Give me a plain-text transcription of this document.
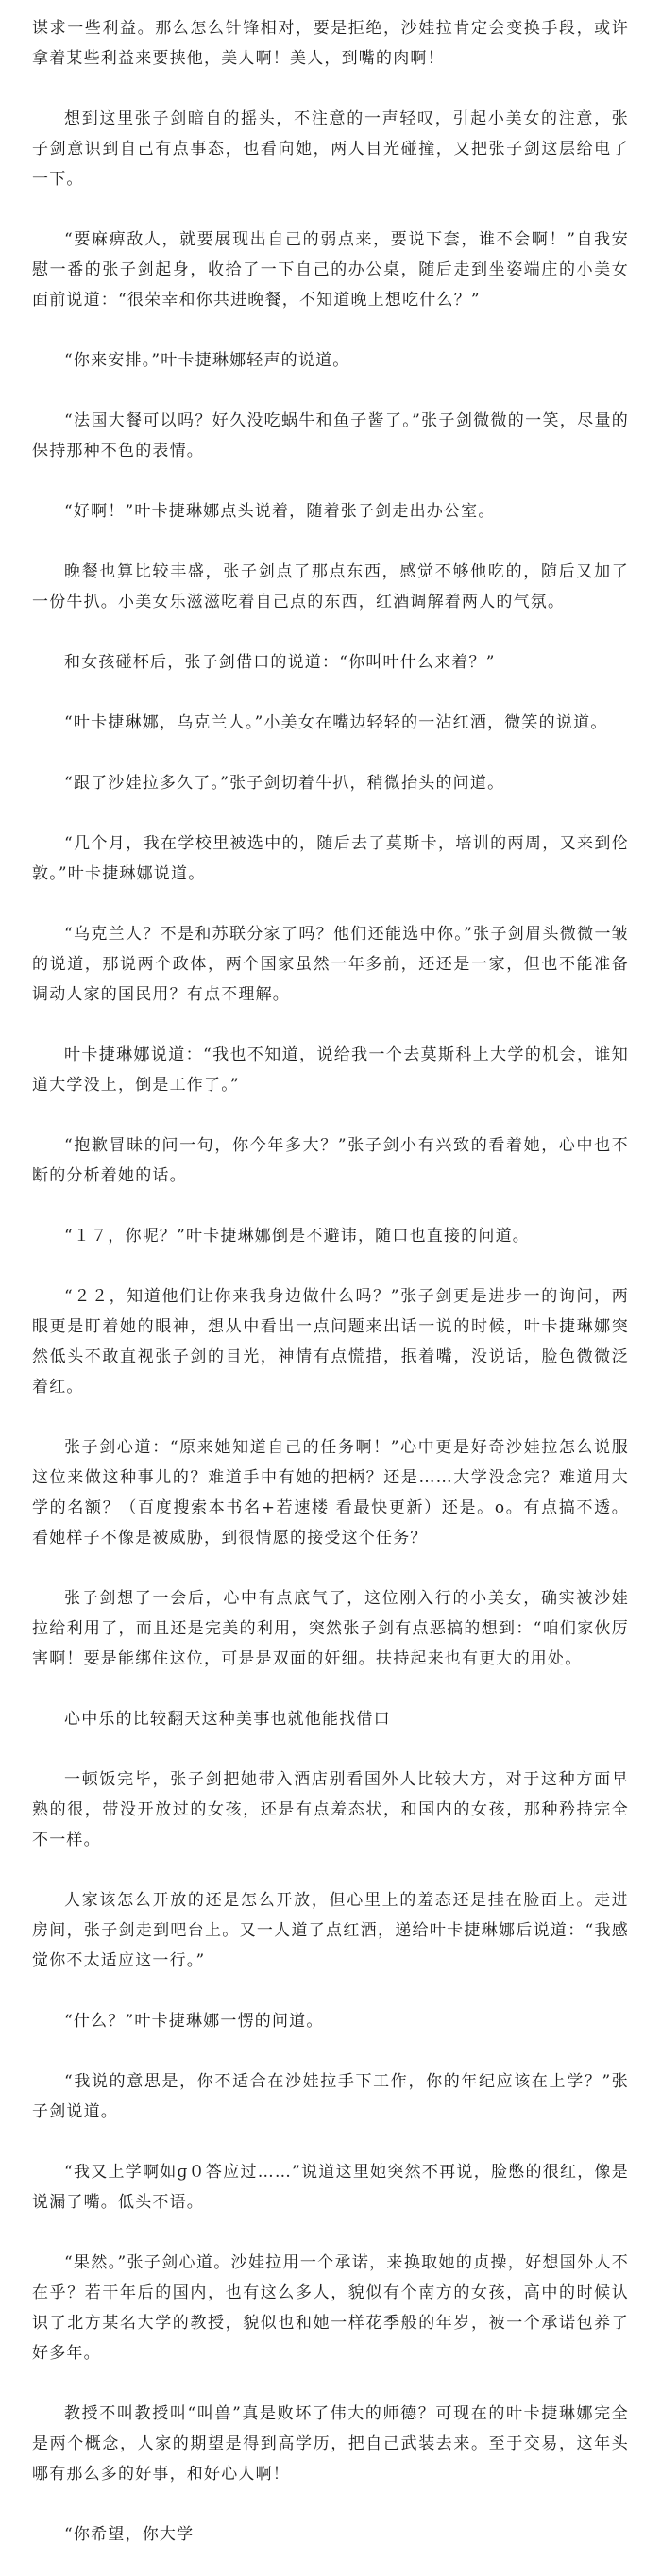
谋求一些利益。那么怎么针锋相对，要是拒绝，沙娃拉肯定会变换手段，或许拿着某些利益来要挟他，美人啊！美人，到嘴的肉啊！

想到这里张子剑暗自的摇头，不注意的一声轻叹，引起小美女的注意，张子剑意识到自己有点事态，也看向她，两人目光碰撞，又把张子剑这层给电了一下。

“要麻痹敌人，就要展现出自己的弱点来，要说下套，谁不会啊！”自我安慰一番的张子剑起身，收拾了一下自己的办公桌，随后走到坐姿端庄的小美女面前说道：“很荣幸和你共进晚餐，不知道晚上想吃什么？”

“你来安排。”叶卡捷琳娜轻声的说道。

“法国大餐可以吗？好久没吃蜗牛和鱼子酱了。”张子剑微微的一笑，尽量的保持那种不色的表情。

“好啊！”叶卡捷琳娜点头说着，随着张子剑走出办公室。

晚餐也算比较丰盛，张子剑点了那点东西，感觉不够他吃的，随后又加了一份牛扒。小美女乐滋滋吃着自己点的东西，红酒调解着两人的气氛。

和女孩碰杯后，张子剑借口的说道：“你叫叶什么来着？”

“叶卡捷琳娜，乌克兰人。”小美女在嘴边轻轻的一沾红酒，微笑的说道。

“跟了沙娃拉多久了。”张子剑切着牛扒，稍微抬头的问道。

“几个月，我在学校里被选中的，随后去了莫斯卡，培训的两周，又来到伦敦。”叶卡捷琳娜说道。

“乌克兰人？不是和苏联分家了吗？他们还能选中你。”张子剑眉头微微一皱的说道，那说两个政体，两个国家虽然一年多前，还还是一家，但也不能准备调动人家的国民用？有点不理解。

叶卡捷琳娜说道：“我也不知道，说给我一个去莫斯科上大学的机会，谁知道大学没上，倒是工作了。”

“抱歉冒昧的问一句，你今年多大？”张子剑小有兴致的看着她，心中也不断的分析着她的话。

“１７，你呢？”叶卡捷琳娜倒是不避讳，随口也直接的问道。

“２２，知道他们让你来我身边做什么吗？”张子剑更是进步一的询问，两眼更是盯着她的眼神，想从中看出一点问题来出话一说的时候，叶卡捷琳娜突然低头不敢直视张子剑的目光，神情有点慌措，抿着嘴，没说话，脸色微微泛着红。

张子剑心道：“原来她知道自己的任务啊！”心中更是好奇沙娃拉怎么说服这位来做这种事儿的？难道手中有她的把柄？还是……大学没念完？难道用大学的名额？（百度搜索本书名+若速楼 看最快更新）还是。o。有点搞不透。看她样子不像是被威胁，到很情愿的接受这个任务？

张子剑想了一会后，心中有点底气了，这位刚入行的小美女，确实被沙娃拉给利用了，而且还是完美的利用，突然张子剑有点恶搞的想到：“咱们家伙厉害啊！要是能绑住这位，可是是双面的奸细。扶持起来也有更大的用处。

心中乐的比较翻天这种美事也就他能找借口

一顿饭完毕，张子剑把她带入酒店别看国外人比较大方，对于这种方面早熟的很，带没开放过的女孩，还是有点羞态状，和国内的女孩，那种矜持完全不一样。

人家该怎么开放的还是怎么开放，但心里上的羞态还是挂在脸面上。走进房间，张子剑走到吧台上。又一人道了点红酒，递给叶卡捷琳娜后说道：“我感觉你不太适应这一行。”

“什么？”叶卡捷琳娜一愣的问道。

“我说的意思是，你不适合在沙娃拉手下工作，你的年纪应该在上学？”张子剑说道。

“我又上学啊如ɡ０答应过……”说道这里她突然不再说，脸憋的很红，像是说漏了嘴。低头不语。

“果然。”张子剑心道。沙娃拉用一个承诺，来换取她的贞操，好想国外人不在乎？若干年后的国内，也有这么多人，貌似有个南方的女孩，高中的时候认识了北方某名大学的教授，貌似也和她一样花季般的年岁，被一个承诺包养了好多年。

教授不叫教授叫“叫兽”真是败坏了伟大的师德？可现在的叶卡捷琳娜完全是两个概念，人家的期望是得到高学历，把自己武装去来。至于交易，这年头哪有那么多的好事，和好心人啊！

“你希望，你大学
